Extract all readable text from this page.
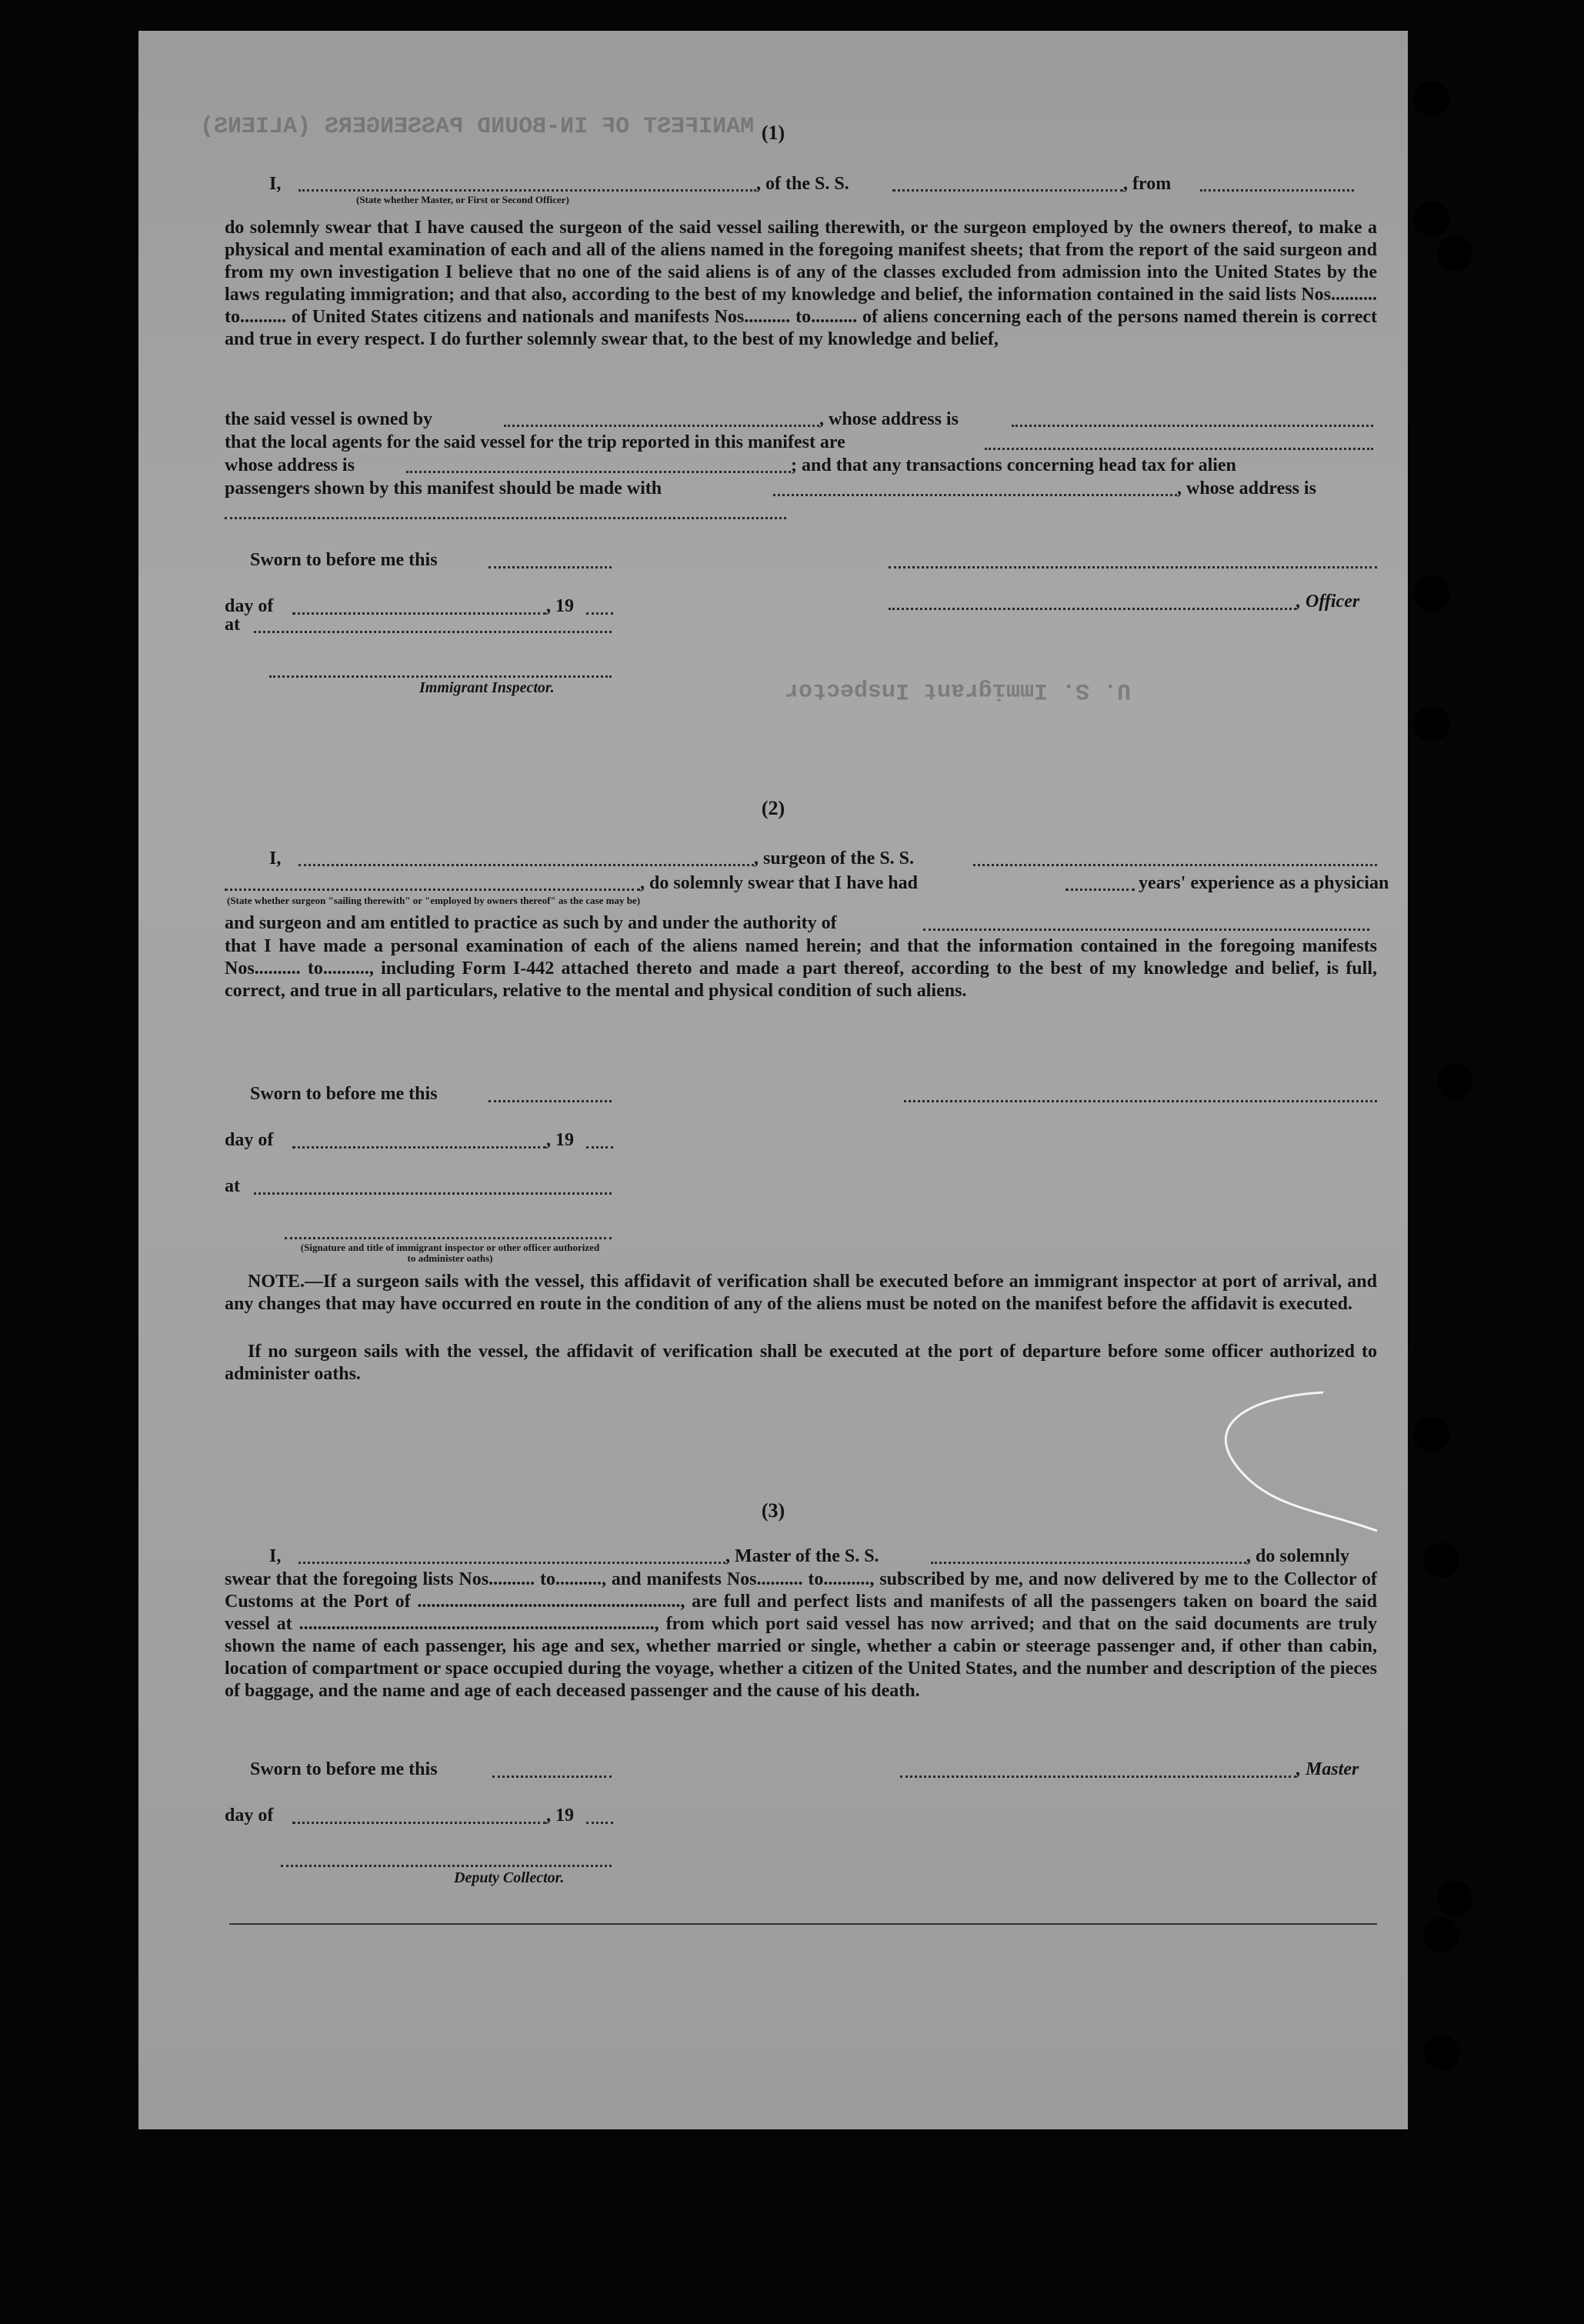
MANIFEST OF IN-BOUND PASSENGERS (ALIENS) (1)
I,	, of the S. S.	, from
(State whether Master, or First or Second Officer)
do solemnly swear that I have caused the surgeon of the said vessel sailing therewith, or the surgeon employed by the owners thereof, to make a physical and mental examination of each and all of the aliens named in the foregoing manifest sheets; that from the report of the said surgeon and from my own investigation I believe that no one of the said aliens is of any of the classes excluded from admission into the United States by the laws regulating immigration; and that also, according to the best of my knowledge and belief, the information contained in the said lists Nos.......... to.......... of United States citizens and nationals and manifests Nos.......... to.......... of aliens concerning each of the persons named therein is correct and true in every respect. I do further solemnly swear that, to the best of my knowledge and belief,
the said vessel is owned by	, whose address is
that the local agents for the said vessel for the trip reported in this manifest are
whose address is	; and that any transactions concerning head tax for alien
passengers shown by this manifest should be made with	, whose address is
Sworn to before me this
day of	, 19	, Officer
at
Immigrant Inspector.	U. S. Immigrant Inspector
(2)
I,	, surgeon of the S. S.
, do solemnly swear that I have had	years' experience as a physician
(State whether surgeon "sailing therewith" or "employed by owners thereof" as the case may be)
and surgeon and am entitled to practice as such by and under the authority of
that I have made a personal examination of each of the aliens named herein; and that the information contained in the foregoing manifests Nos.......... to.........., including Form I-442 attached thereto and made a part thereof, according to the best of my knowledge and belief, is full, correct, and true in all particulars, relative to the mental and physical condition of such aliens.
Sworn to before me this
day of	, 19
at
(Signature and title of immigrant inspector or other officer authorized to administer oaths)
NOTE.—If a surgeon sails with the vessel, this affidavit of verification shall be executed before an immigrant inspector at port of arrival, and any changes that may have occurred en route in the condition of any of the aliens must be noted on the manifest before the affidavit is executed.
If no surgeon sails with the vessel, the affidavit of verification shall be executed at the port of departure before some officer authorized to administer oaths.
(3)
I,	, Master of the S. S.	, do solemnly
swear that the foregoing lists Nos.......... to.........., and manifests Nos.......... to.........., subscribed by me, and now delivered by me to the Collector of Customs at the Port of ........................................................., are full and perfect lists and manifests of all the passengers taken on board the said vessel at ............................................................................., from which port said vessel has now arrived; and that on the said documents are truly shown the name of each passenger, his age and sex, whether married or single, whether a cabin or steerage passenger and, if other than cabin, location of compartment or space occupied during the voyage, whether a citizen of the United States, and the number and description of the pieces of baggage, and the name and age of each deceased passenger and the cause of his death.
Sworn to before me this	, Master
day of	, 19
Deputy Collector.
